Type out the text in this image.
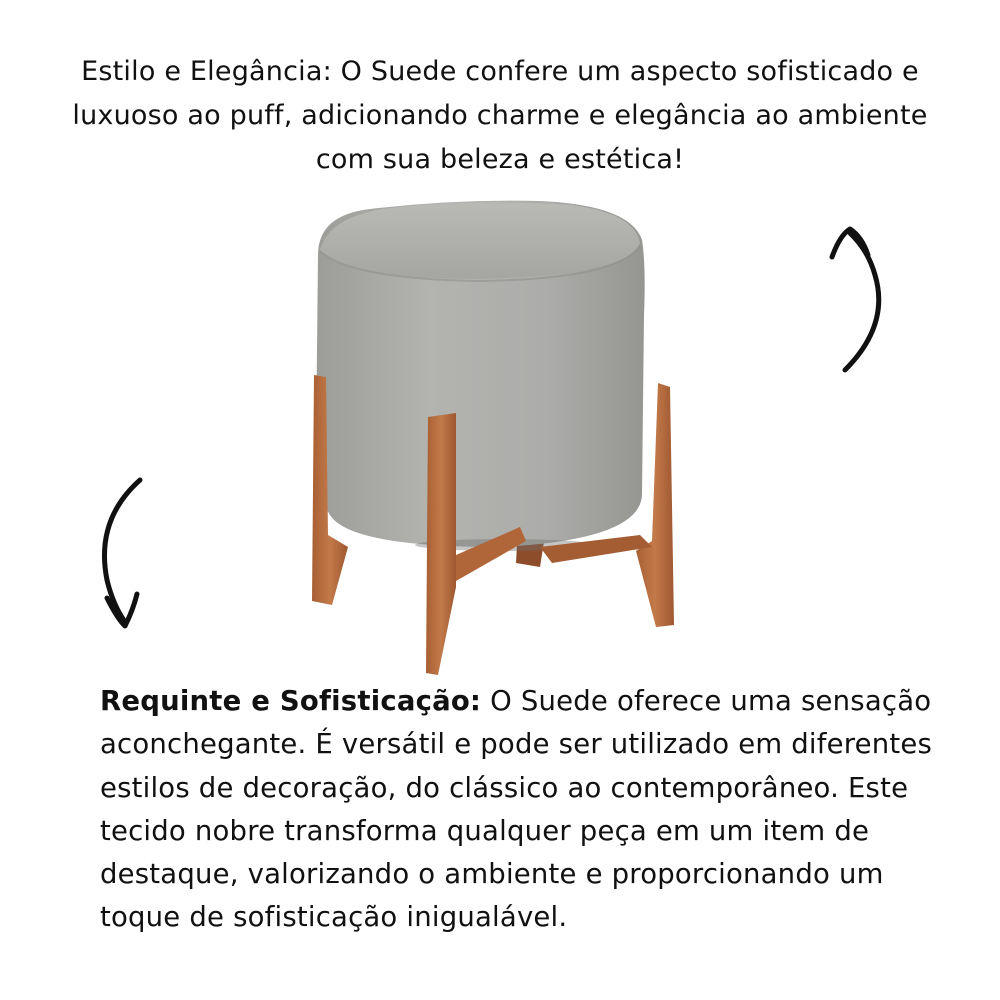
Estilo e Elegância: O Suede confere um aspecto sofisticado e luxuoso ao puff, adicionando charme e elegância ao ambiente com sua beleza e estética!
Requinte e Sofisticação: O Suede oferece uma sensação aconchegante. É versátil e pode ser utilizado em diferentes estilos de decoração, do clássico ao contemporâneo. Este tecido nobre transforma qualquer peça em um item de destaque, valorizando o ambiente e proporcionando um toque de sofisticação inigualável.
